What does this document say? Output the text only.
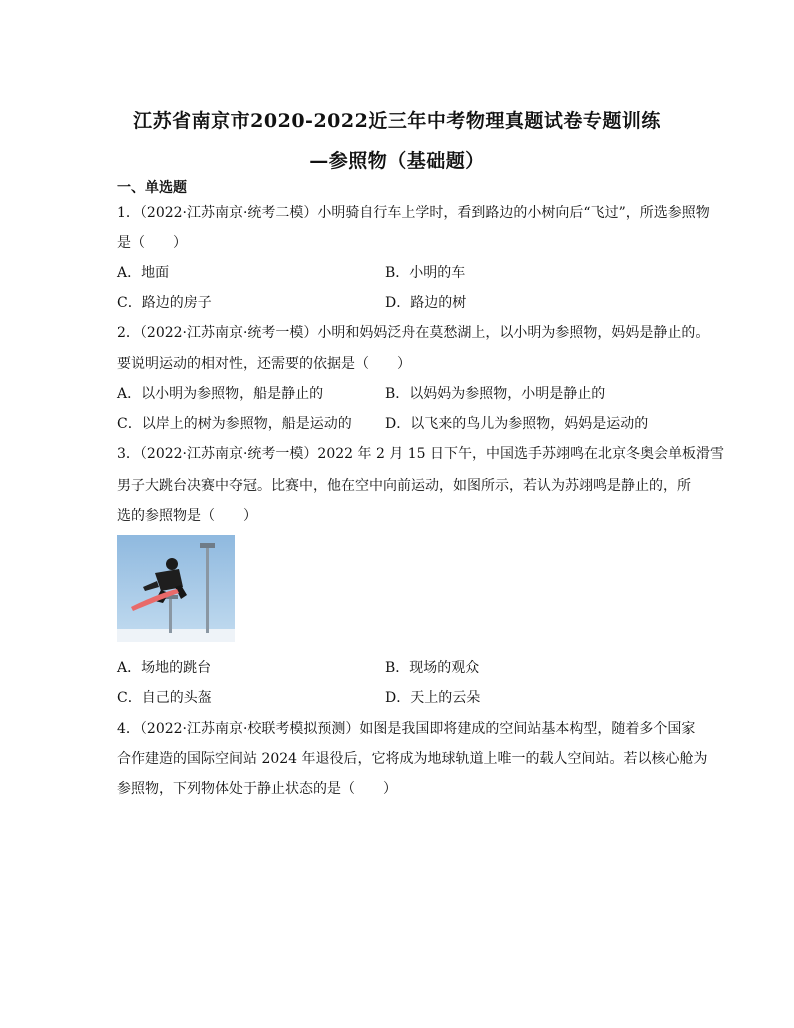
江苏省南京市2020-2022近三年中考物理真题试卷专题训练
—参照物（基础题）
一、单选题
1．（2022·江苏南京·统考二模）小明骑自行车上学时，看到路边的小树向后“飞过”，所选参照物
是（　　）
A．地面	B．小明的车
C．路边的房子	D．路边的树
2．（2022·江苏南京·统考一模）小明和妈妈泛舟在莫愁湖上，以小明为参照物，妈妈是静止的。
要说明运动的相对性，还需要的依据是（　　）
A．以小明为参照物，船是静止的	B．以妈妈为参照物，小明是静止的
C．以岸上的树为参照物，船是运动的 D．以飞来的鸟儿为参照物，妈妈是运动的
3．（2022·江苏南京·统考一模）2022 年 2 月 15 日下午，中国选手苏翊鸣在北京冬奥会单板滑雪
男子大跳台决赛中夺冠。比赛中，他在空中向前运动，如图所示，若认为苏翊鸣是静止的，所
选的参照物是（　　）
A．场地的跳台	B．现场的观众
C．自己的头盔	D．天上的云朵
4．（2022·江苏南京·校联考模拟预测）如图是我国即将建成的空间站基本构型，随着多个国家
合作建造的国际空间站 2024 年退役后，它将成为地球轨道上唯一的载人空间站。若以核心舱为
参照物，下列物体处于静止状态的是（　　）
